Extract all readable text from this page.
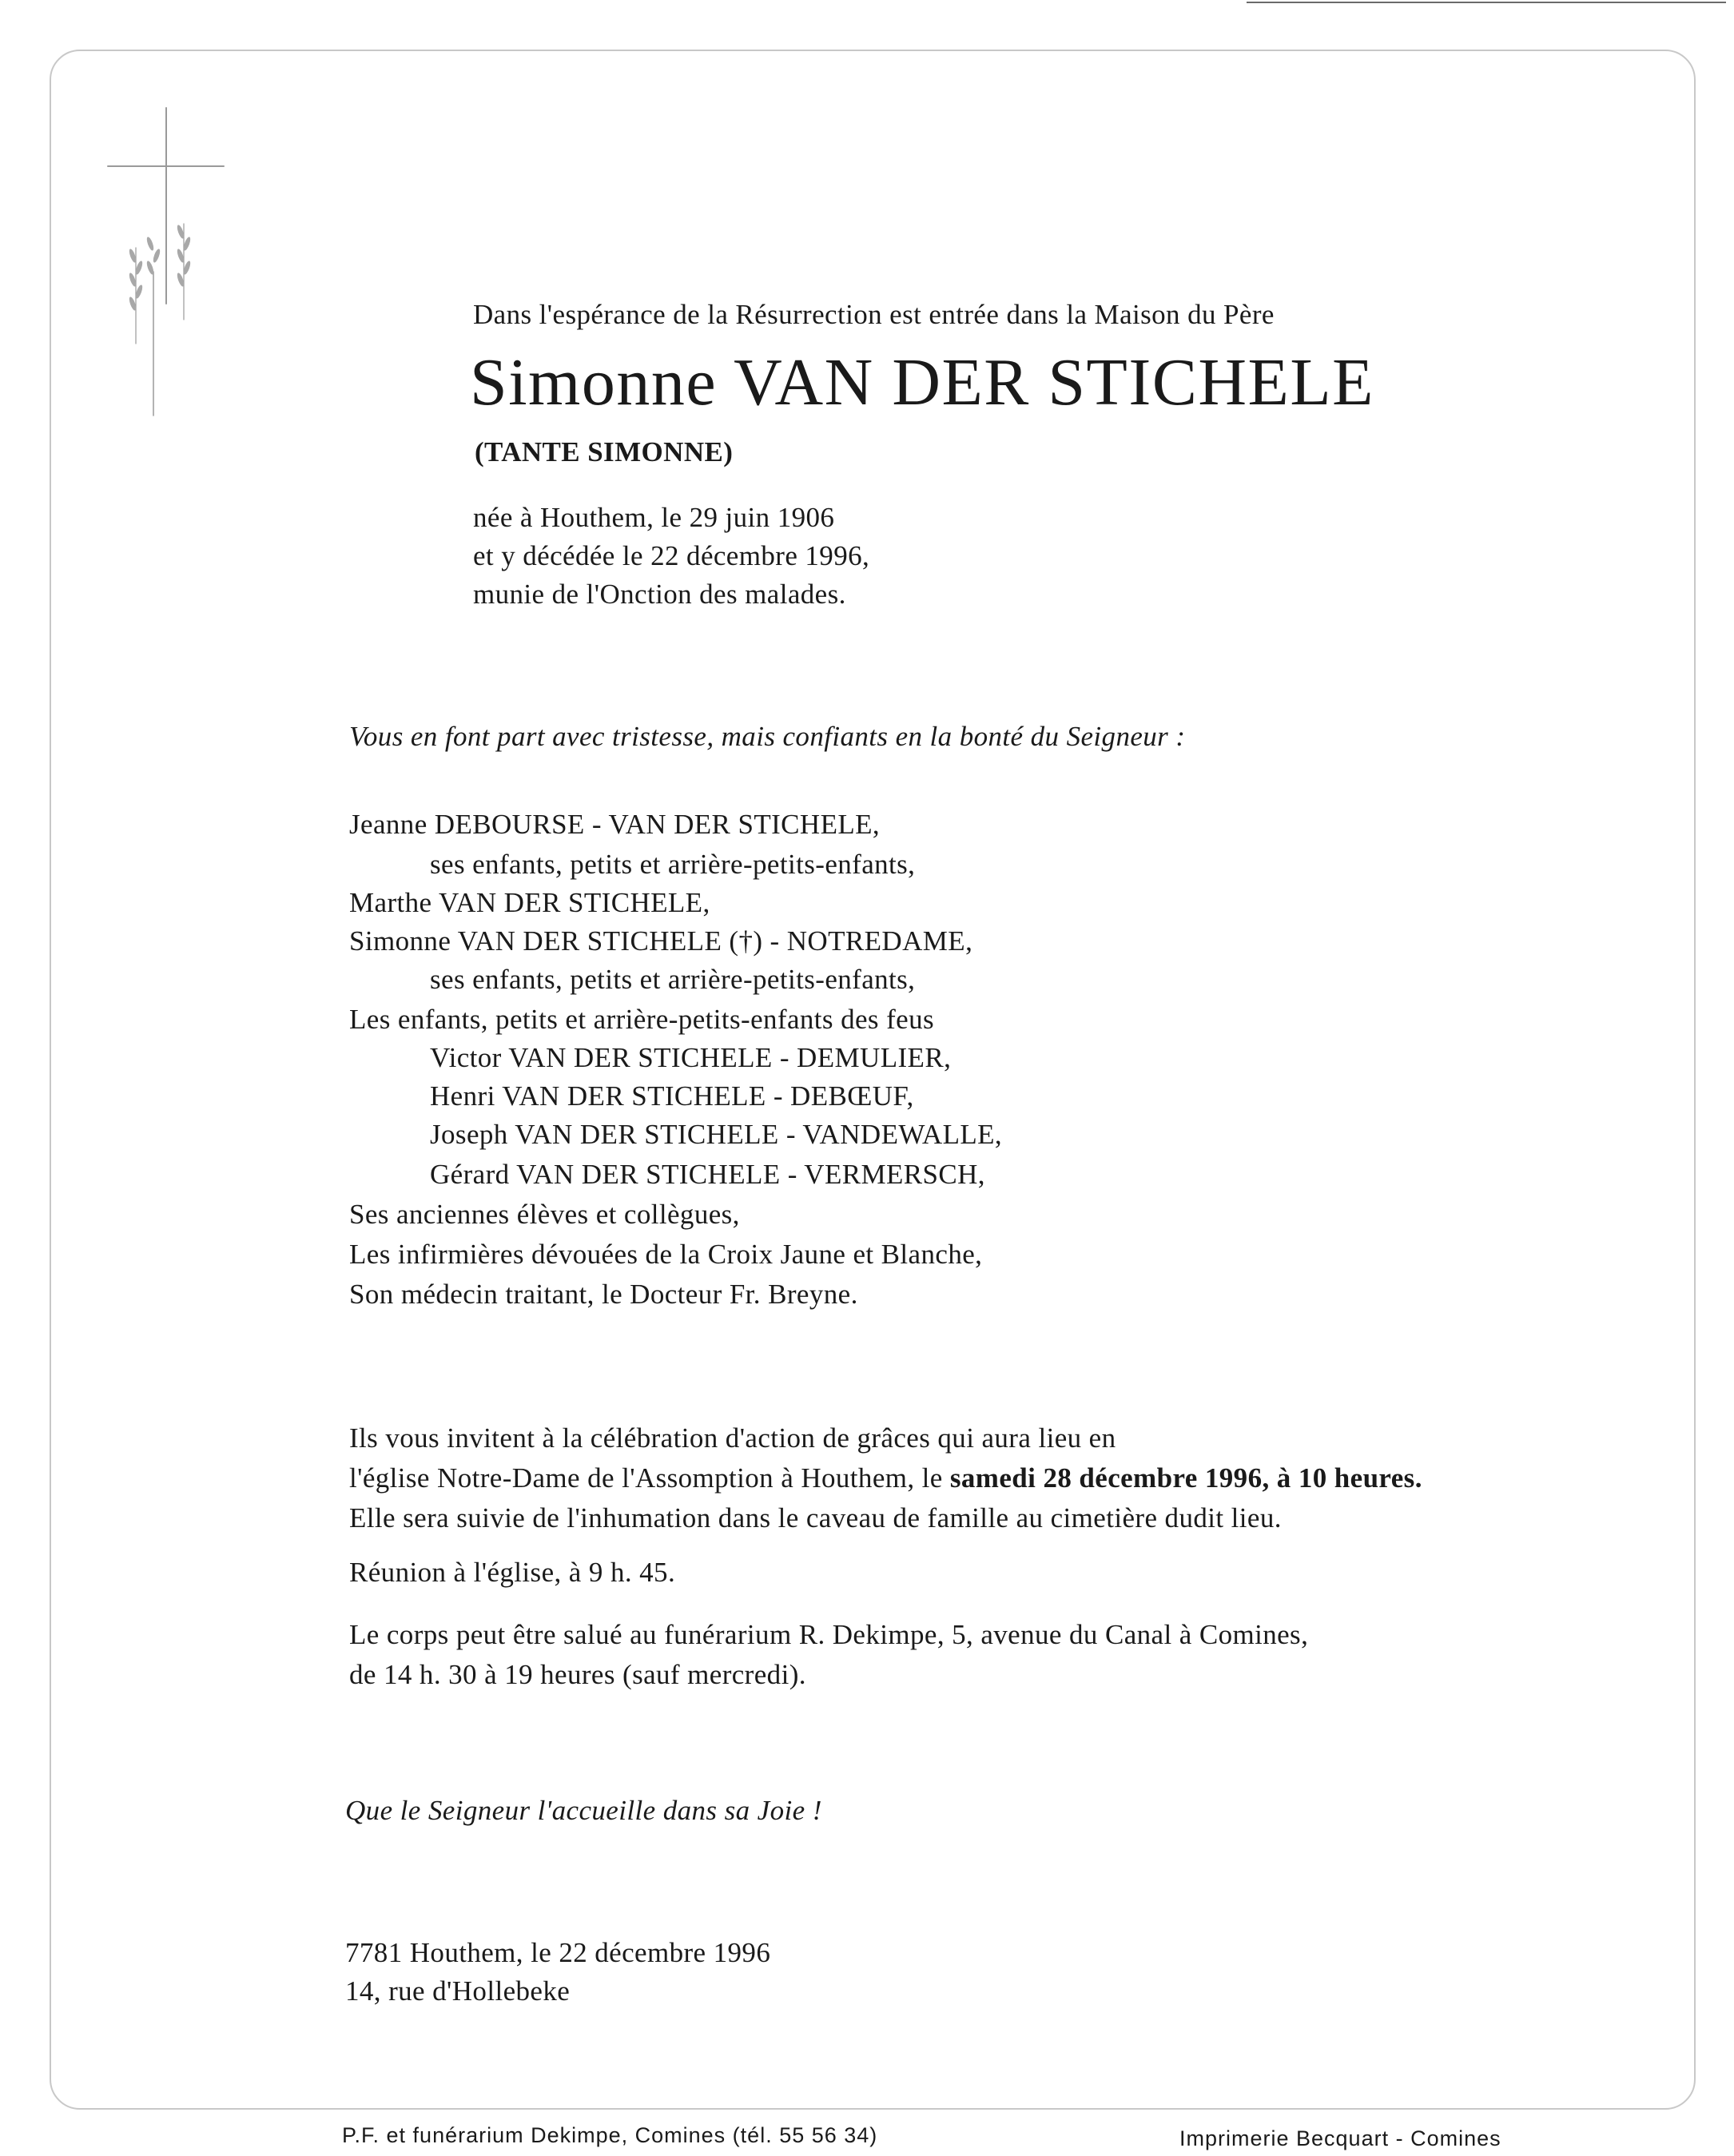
Dans l'espérance de la Résurrection est entrée dans la Maison du Père
Simonne VAN DER STICHELE
(TANTE SIMONNE)
née à Houthem, le 29 juin 1906
et y décédée le 22 décembre 1996,
munie de l'Onction des malades.
Vous en font part avec tristesse, mais confiants en la bonté du Seigneur :
Jeanne DEBOURSE - VAN DER STICHELE,
ses enfants, petits et arrière-petits-enfants,
Marthe VAN DER STICHELE,
Simonne VAN DER STICHELE (†) - NOTREDAME,
ses enfants, petits et arrière-petits-enfants,
Les enfants, petits et arrière-petits-enfants des feus
Victor VAN DER STICHELE - DEMULIER,
Henri VAN DER STICHELE - DEBŒUF,
Joseph VAN DER STICHELE - VANDEWALLE,
Gérard VAN DER STICHELE - VERMERSCH,
Ses anciennes élèves et collègues,
Les infirmières dévouées de la Croix Jaune et Blanche,
Son médecin traitant, le Docteur Fr. Breyne.
Ils vous invitent à la célébration d'action de grâces qui aura lieu en
l'église Notre-Dame de l'Assomption à Houthem, le samedi 28 décembre 1996, à 10 heures.
Elle sera suivie de l'inhumation dans le caveau de famille au cimetière dudit lieu.
Réunion à l'église, à 9 h. 45.
Le corps peut être salué au funérarium R. Dekimpe, 5, avenue du Canal à Comines,
de 14 h. 30 à 19 heures (sauf mercredi).
Que le Seigneur l'accueille dans sa Joie !
7781 Houthem, le 22 décembre 1996
14, rue d'Hollebeke
P.F. et funérarium Dekimpe, Comines (tél. 55 56 34)	Imprimerie Becquart - Comines
